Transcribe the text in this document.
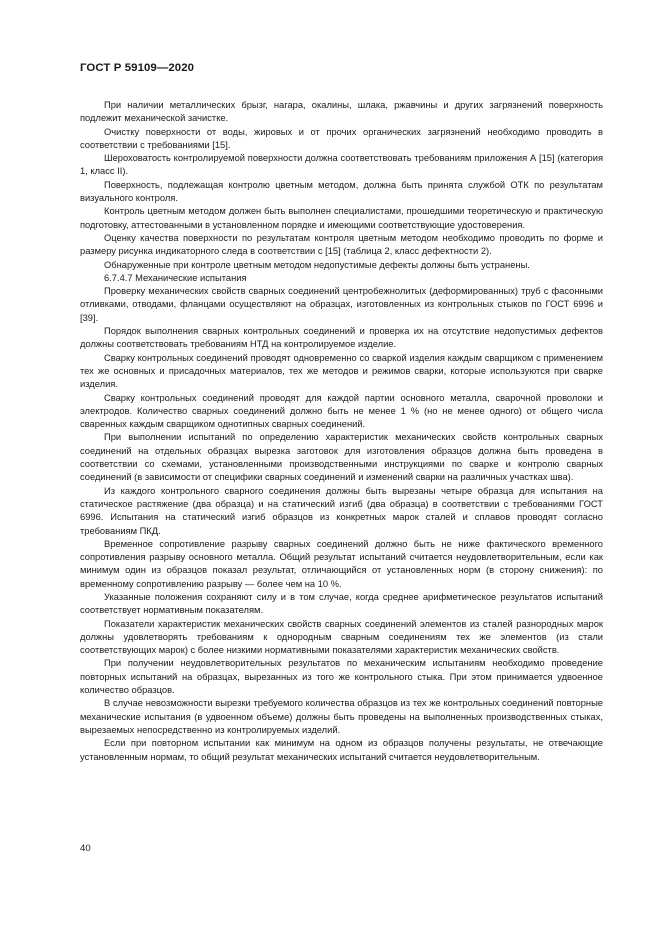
ГОСТ Р 59109—2020

При наличии металлических брызг, нагара, окалины, шлака, ржавчины и других загрязнений поверхность подлежит механической зачистке.

Очистку поверхности от воды, жировых и от прочих органических загрязнений необходимо проводить в соответствии с требованиями [15].

Шероховатость контролируемой поверхности должна соответствовать требованиям приложения А [15] (категория 1, класс II).

Поверхность, подлежащая контролю цветным методом, должна быть принята службой ОТК по результатам визуального контроля.

Контроль цветным методом должен быть выполнен специалистами, прошедшими теоретическую и практическую подготовку, аттестованными в установленном порядке и имеющими соответствующие удостоверения.

Оценку качества поверхности по результатам контроля цветным методом необходимо проводить по форме и размеру рисунка индикаторного следа в соответствии с [15] (таблица 2, класс дефектности 2).

Обнаруженные при контроле цветным методом недопустимые дефекты должны быть устранены.

6.7.4.7 Механические испытания

Проверку механических свойств сварных соединений центробежнолитых (деформированных) труб с фасонными отливками, отводами, фланцами осуществляют на образцах, изготовленных из контрольных стыков по ГОСТ 6996 и [39].

Порядок выполнения сварных контрольных соединений и проверка их на отсутствие недопустимых дефектов должны соответствовать требованиям НТД на контролируемое изделие.

Сварку контрольных соединений проводят одновременно со сваркой изделия каждым сварщиком с применением тех же основных и присадочных материалов, тех же методов и режимов сварки, которые используются при сварке изделия.

Сварку контрольных соединений проводят для каждой партии основного металла, сварочной проволоки и электродов. Количество сварных соединений должно быть не менее 1 % (но не менее одного) от общего числа сваренных каждым сварщиком однотипных сварных соединений.

При выполнении испытаний по определению характеристик механических свойств контрольных сварных соединений на отдельных образцах вырезка заготовок для изготовления образцов должна быть проведена в соответствии со схемами, установленными производственными инструкциями по сварке и контролю сварных соединений (в зависимости от специфики сварных соединений и изменений сварки на различных участках шва).

Из каждого контрольного сварного соединения должны быть вырезаны четыре образца для испытания на статическое растяжение (два образца) и на статический изгиб (два образца) в соответствии с требованиями ГОСТ 6996. Испытания на статический изгиб образцов из конкретных марок сталей и сплавов проводят согласно требованиям ПКД.

Временное сопротивление разрыву сварных соединений должно быть не ниже фактического временного сопротивления разрыву основного металла. Общий результат испытаний считается неудовлетворительным, если как минимум один из образцов показал результат, отличающийся от установленных норм (в сторону снижения): по временному сопротивлению разрыву — более чем на 10 %.

Указанные положения сохраняют силу и в том случае, когда среднее арифметическое результатов испытаний соответствует нормативным показателям.

Показатели характеристик механических свойств сварных соединений элементов из сталей разнородных марок должны удовлетворять требованиям к однородным сварным соединениям тех же элементов (из стали соответствующих марок) с более низкими нормативными показателями характеристик механических свойств.

При получении неудовлетворительных результатов по механическим испытаниям необходимо проведение повторных испытаний на образцах, вырезанных из того же контрольного стыка. При этом принимается удвоенное количество образцов.

В случае невозможности вырезки требуемого количества образцов из тех же контрольных соединений повторные механические испытания (в удвоенном объеме) должны быть проведены на выполненных производственных стыках, вырезаемых непосредственно из контролируемых изделий.

Если при повторном испытании как минимум на одном из образцов получены результаты, не отвечающие установленным нормам, то общий результат механических испытаний считается неудовлетворительным.

40
